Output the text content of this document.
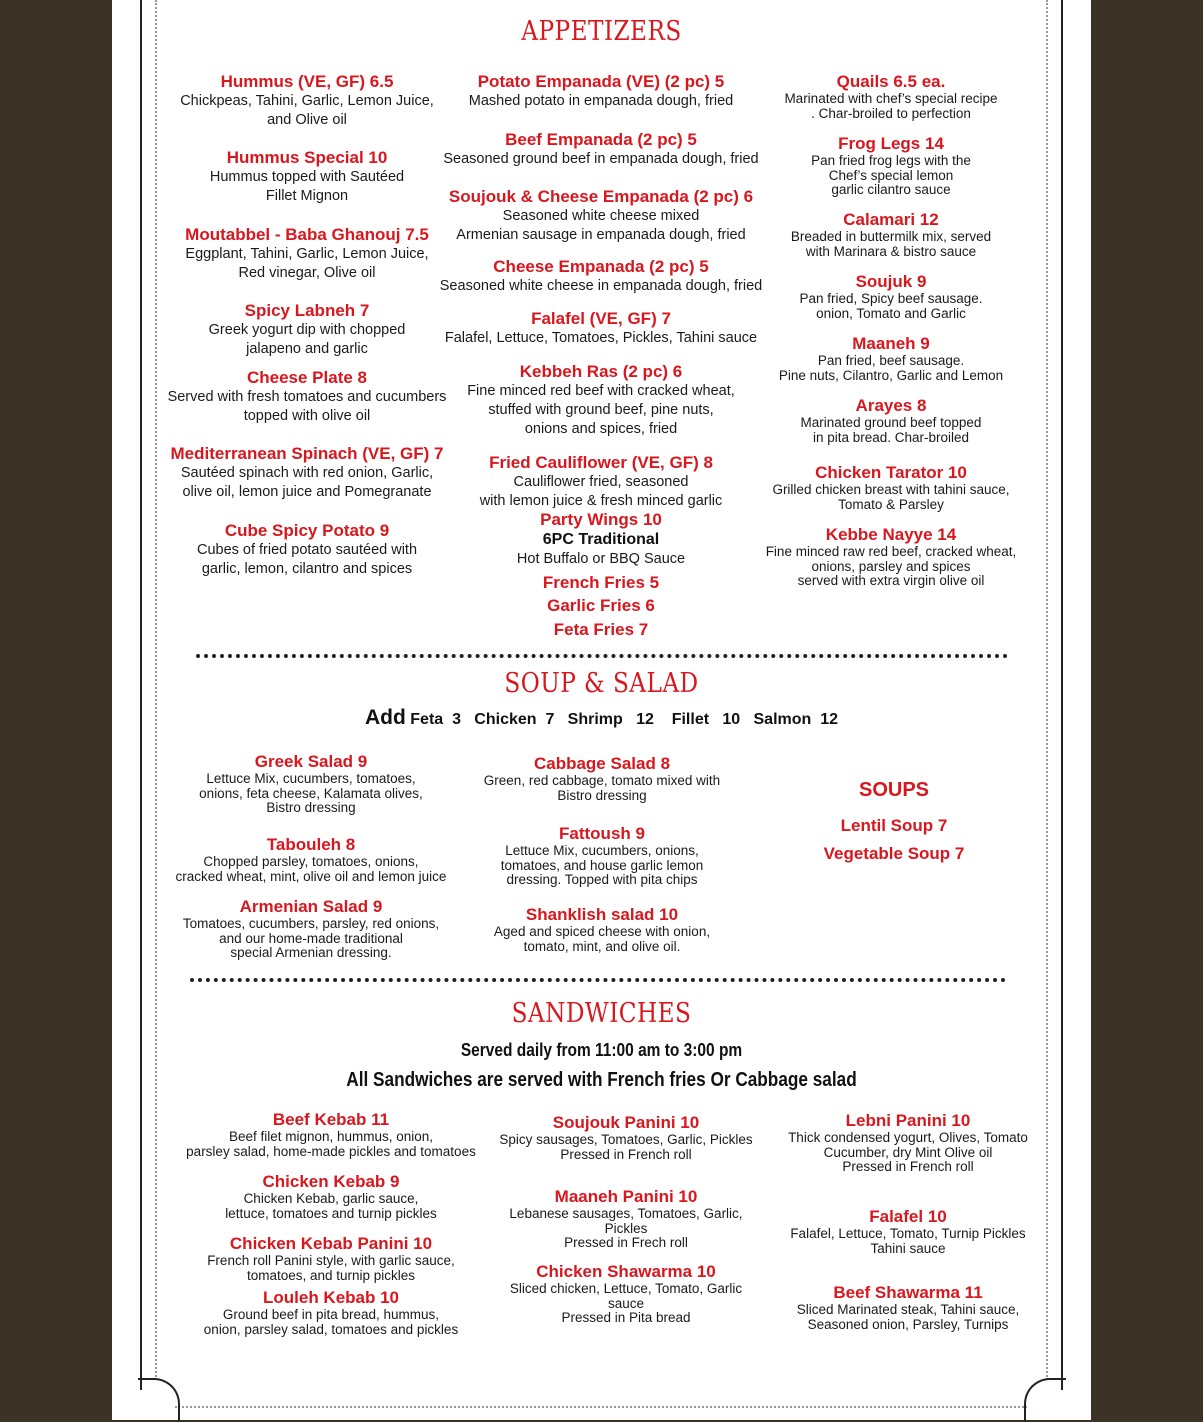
APPETIZERS
Hummus (VE, GF) 6.5
Chickpeas, Tahini, Garlic, Lemon Juice,
and Olive oil
Hummus Special 10
Hummus topped with Sautéed
Fillet Mignon
Moutabbel - Baba Ghanouj 7.5
Eggplant, Tahini, Garlic, Lemon Juice,
Red vinegar, Olive oil
Spicy Labneh 7
Greek yogurt dip with chopped
jalapeno and garlic
Cheese Plate 8
Served with fresh tomatoes and cucumbers
topped with olive oil
Mediterranean Spinach (VE, GF) 7
Sautéed spinach with red onion, Garlic,
olive oil, lemon juice and Pomegranate
Cube Spicy Potato 9
Cubes of fried potato sautéed with
garlic, lemon, cilantro and spices
Potato Empanada (VE) (2 pc) 5
Mashed potato in empanada dough, fried
Beef Empanada (2 pc) 5
Seasoned ground beef in empanada dough, fried
Soujouk & Cheese Empanada (2 pc) 6
Seasoned white cheese mixed
Armenian sausage in empanada dough, fried
Cheese Empanada (2 pc) 5
Seasoned white cheese in empanada dough, fried
Falafel (VE, GF) 7
Falafel, Lettuce, Tomatoes, Pickles, Tahini sauce
Kebbeh Ras (2 pc) 6
Fine minced red beef with cracked wheat,
stuffed with ground beef, pine nuts,
onions and spices, fried
Fried Cauliflower (VE, GF) 8
Cauliflower fried, seasoned
with lemon juice & fresh minced garlic
Party Wings 10
6PC Traditional
Hot Buffalo or BBQ Sauce
French Fries 5
Garlic Fries 6
Feta Fries 7
Quails 6.5 ea.
Marinated with chef’s special recipe
. Char-broiled to perfection
Frog Legs 14
Pan fried frog legs with the
Chef’s special lemon
garlic cilantro sauce
Calamari 12
Breaded in buttermilk mix, served
with Marinara & bistro sauce
Soujuk 9
Pan fried, Spicy beef sausage.
onion, Tomato and Garlic
Maaneh 9
Pan fried, beef sausage.
Pine nuts, Cilantro, Garlic and Lemon
Arayes 8
Marinated ground beef topped
in pita bread. Char-broiled
Chicken Tarator 10
Grilled chicken breast with tahini sauce,
Tomato & Parsley
Kebbe Nayye 14
Fine minced raw red beef, cracked wheat,
onions, parsley and spices
served with extra virgin olive oil
SOUP & SALAD
Add Feta  3   Chicken  7   Shrimp   12    Fillet   10   Salmon  12
Greek Salad 9
Lettuce Mix, cucumbers, tomatoes,
onions, feta cheese, Kalamata olives,
Bistro dressing
Tabouleh 8
Chopped parsley, tomatoes, onions,
cracked wheat, mint, olive oil and lemon juice
Armenian Salad 9
Tomatoes, cucumbers, parsley, red onions,
and our home-made traditional
special Armenian dressing.
Cabbage Salad 8
Green, red cabbage, tomato mixed with
Bistro dressing
Fattoush 9
Lettuce Mix, cucumbers, onions,
tomatoes, and house garlic lemon
dressing. Topped with pita chips
Shanklish salad 10
Aged and spiced cheese with onion,
tomato, mint, and olive oil.
SOUPS
Lentil Soup 7
Vegetable Soup 7
SANDWICHES
Served daily from 11:00 am to 3:00 pm
All Sandwiches are served with French fries Or Cabbage salad
Beef Kebab 11
Beef filet mignon, hummus, onion,
parsley salad, home-made pickles and tomatoes
Chicken Kebab 9
Chicken Kebab, garlic sauce,
lettuce, tomatoes and turnip pickles
Chicken Kebab Panini 10
French roll Panini style, with garlic sauce,
tomatoes, and turnip pickles
Louleh Kebab 10
Ground beef in pita bread, hummus,
onion, parsley salad, tomatoes and pickles
Soujouk Panini 10
Spicy sausages, Tomatoes, Garlic, Pickles
Pressed in French roll
Maaneh Panini 10
Lebanese sausages, Tomatoes, Garlic, Pickles
Pressed in Frech roll
Chicken Shawarma 10
Sliced chicken, Lettuce, Tomato, Garlic sauce
Pressed in Pita bread
Lebni Panini 10
Thick condensed yogurt, Olives, Tomato
Cucumber, dry Mint Olive oil
Pressed in French roll
Falafel 10
Falafel, Lettuce, Tomato, Turnip Pickles
Tahini sauce
Beef Shawarma 11
Sliced Marinated steak, Tahini sauce,
Seasoned onion, Parsley, Turnips
